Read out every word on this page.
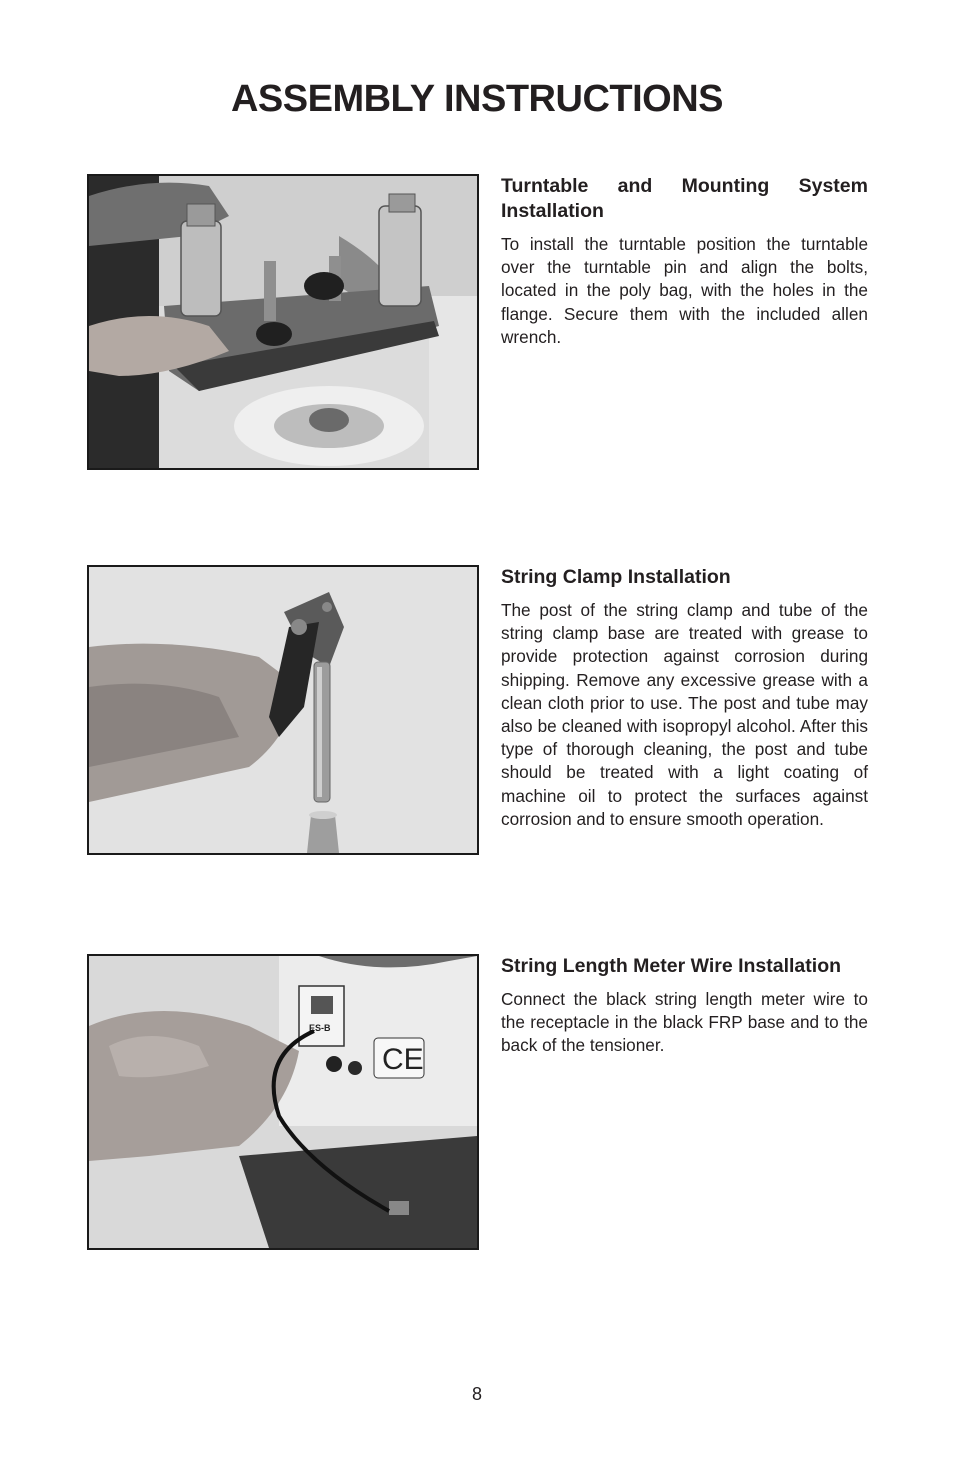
ASSEMBLY INSTRUCTIONS
Turntable and Mounting System Installation

To install the turntable position the turntable over the turntable pin and align the bolts, located in the poly bag, with the holes in the flange. Secure them with the included allen wrench.

String Clamp Installation

The post of the string clamp and tube of the string clamp base are treated with grease to provide protection against corrosion during shipping. Remove any excessive grease with a clean cloth prior to use. The post and tube may also be cleaned with isopropyl alcohol. After this type of thorough cleaning, the post and tube should be treated with a light coating of machine oil to protect the surfaces against corrosion and to ensure smooth operation.

ES-B
CE
String Length Meter Wire Installation

Connect the black string length meter wire to the receptacle in the black FRP base and to the back of the tensioner.

8
